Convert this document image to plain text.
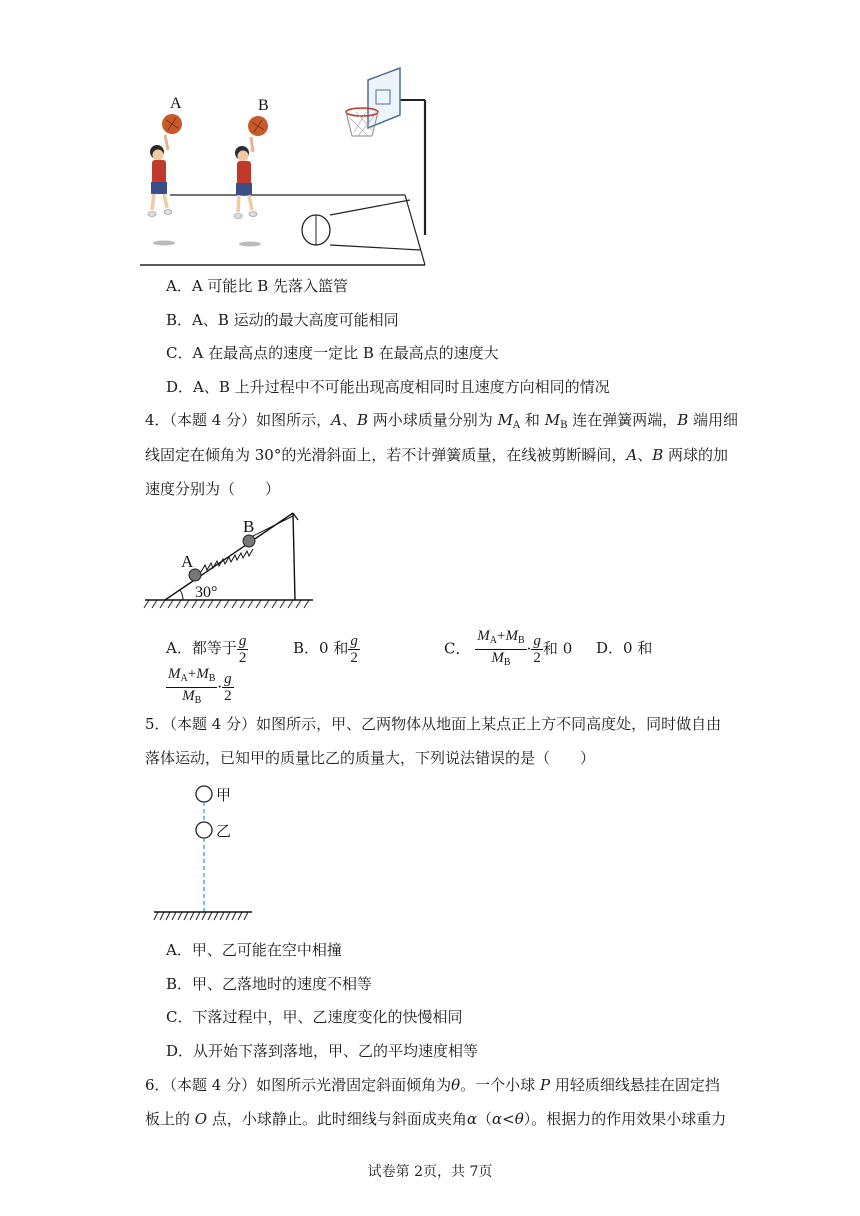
A	B
A．A 可能比 B 先落入篮管
B．A、B 运动的最大高度可能相同
C．A 在最高点的速度一定比 B 在最高点的速度大
D．A、B 上升过程中不可能出现高度相同时且速度方向相同的情况
4．（本题 4 分）如图所示，A、B 两小球质量分别为 $M_A$ 和 $M_B$ 连在弹簧两端，B 端用细
线固定在倾角为 30°的光滑斜面上，若不计弹簧质量，在线被剪断瞬间，A、B 两球的加
速度分别为（　　）
A
B
30°
A．都等于 $\frac{g}{2}$	B．0 和 $\frac{g}{2}$	C． $\frac{M_A+M_B}{M_B} \cdot \frac{g}{2}$ 和 0 D．0 和
$\frac{M_A+M_B}{M_B} \cdot \frac{g}{2}$
5．（本题 4 分）如图所示，甲、乙两物体从地面上某点正上方不同高度处，同时做自由
落体运动，已知甲的质量比乙的质量大，下列说法错误的是（　　）
甲
乙
A．甲、乙可能在空中相撞
B．甲、乙落地时的速度不相等
C．下落过程中，甲、乙速度变化的快慢相同
D．从开始下落到落地，甲、乙的平均速度相等
6．（本题 4 分）如图所示光滑固定斜面倾角为θ。一个小球 P 用轻质细线悬挂在固定挡
板上的 O 点，小球静止。此时细线与斜面成夹角α（α<θ）。根据力的作用效果小球重力
试卷第 2页，共 7页
